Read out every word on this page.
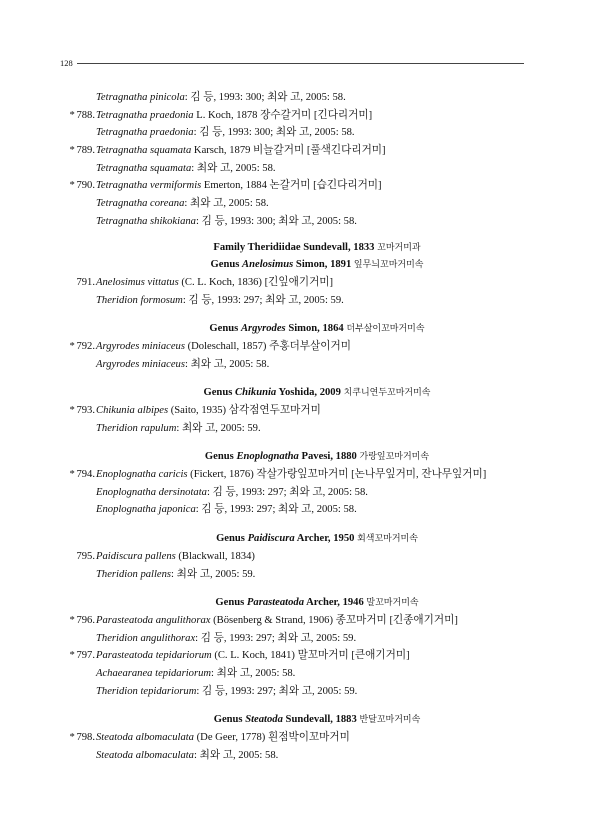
128
Tetragnatha pinicola: 김 등, 1993: 300; 최와 고, 2005: 58.
* 788. Tetragnatha praedonia L. Koch, 1878 장수갈거미 [긴다리거미]
Tetragnatha praedonia: 김 등, 1993: 300; 최와 고, 2005: 58.
* 789. Tetragnatha squamata Karsch, 1879 비늘갈거미 [풀색긴다리거미]
Tetragnatha squamata: 최와 고, 2005: 58.
* 790. Tetragnatha vermiformis Emerton, 1884 논갈거미 [습긴다리거미]
Tetragnatha coreana: 최와 고, 2005: 58.
Tetragnatha shikokiana: 김 등, 1993: 300; 최와 고, 2005: 58.
Family Theridiidae Sundevall, 1833 꼬마거미과
Genus Anelosimus Simon, 1891 잎무늬꼬마거미속
791. Anelosimus vittatus (C. L. Koch, 1836) [긴잎애기거미]
Theridion formosum: 김 등, 1993: 297; 최와 고, 2005: 59.
Genus Argyrodes Simon, 1864 더부살이꼬마거미속
* 792. Argyrodes miniaceus (Doleschall, 1857) 주홍더부살이거미
Argyrodes miniaceus: 최와 고, 2005: 58.
Genus Chikunia Yoshida, 2009 치쿠니연두꼬마거미속
* 793. Chikunia albipes (Saito, 1935) 삼각점연두꼬마거미
Theridion rapulum: 최와 고, 2005: 59.
Genus Enoplognatha Pavesi, 1880 가랑잎꼬마거미속
* 794. Enoplognatha caricis (Fickert, 1876) 작살가랑잎꼬마거미 [논나무잎거미, 잔나무잎거미]
Enoplognatha dersinotata: 김 등, 1993: 297; 최와 고, 2005: 58.
Enoplognatha japonica: 김 등, 1993: 297; 최와 고, 2005: 58.
Genus Paidiscura Archer, 1950 회색꼬마거미속
795. Paidiscura pallens (Blackwall, 1834)
Theridion pallens: 최와 고, 2005: 59.
Genus Parasteatoda Archer, 1946 말꼬마거미속
* 796. Parasteatoda angulithorax (Bösenberg & Strand, 1906) 종꼬마거미 [긴종애기거미]
Theridion angulithorax: 김 등, 1993: 297; 최와 고, 2005: 59.
* 797. Parasteatoda tepidariorum (C. L. Koch, 1841) 말꼬마거미 [큰애기거미]
Achaearanea tepidariorum: 최와 고, 2005: 58.
Theridion tepidariorum: 김 등, 1993: 297; 최와 고, 2005: 59.
Genus Steatoda Sundevall, 1883 반달꼬마거미속
* 798. Steatoda albomaculata (De Geer, 1778) 흰점박이꼬마거미
Steatoda albomaculata: 최와 고, 2005: 58.
